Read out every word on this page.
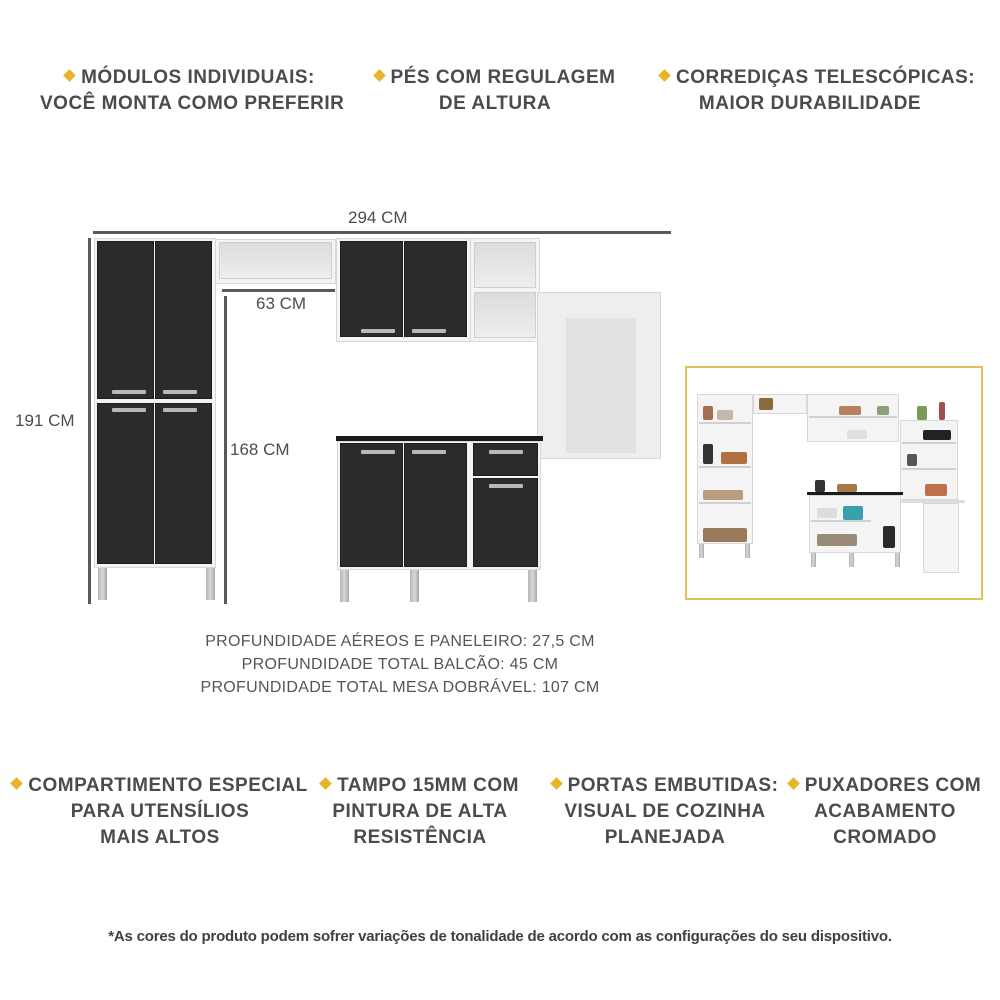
MÓDULOS INDIVIDUAIS:
VOCÊ MONTA COMO PREFERIR
PÉS COM REGULAGEM
DE ALTURA
CORREDIÇAS TELESCÓPICAS:
MAIOR DURABILIDADE
294 CM
191 CM
63 CM
168 CM
PROFUNDIDADE AÉREOS E PANELEIRO: 27,5 CM
PROFUNDIDADE TOTAL BALCÃO: 45 CM
PROFUNDIDADE TOTAL MESA DOBRÁVEL: 107 CM
COMPARTIMENTO ESPECIAL
PARA UTENSÍLIOS
MAIS ALTOS
TAMPO 15MM COM
PINTURA DE ALTA
RESISTÊNCIA
PORTAS EMBUTIDAS:
VISUAL DE COZINHA
PLANEJADA
PUXADORES COM
ACABAMENTO
CROMADO
*As cores do produto podem sofrer variações de tonalidade de acordo com as configurações do seu dispositivo.
